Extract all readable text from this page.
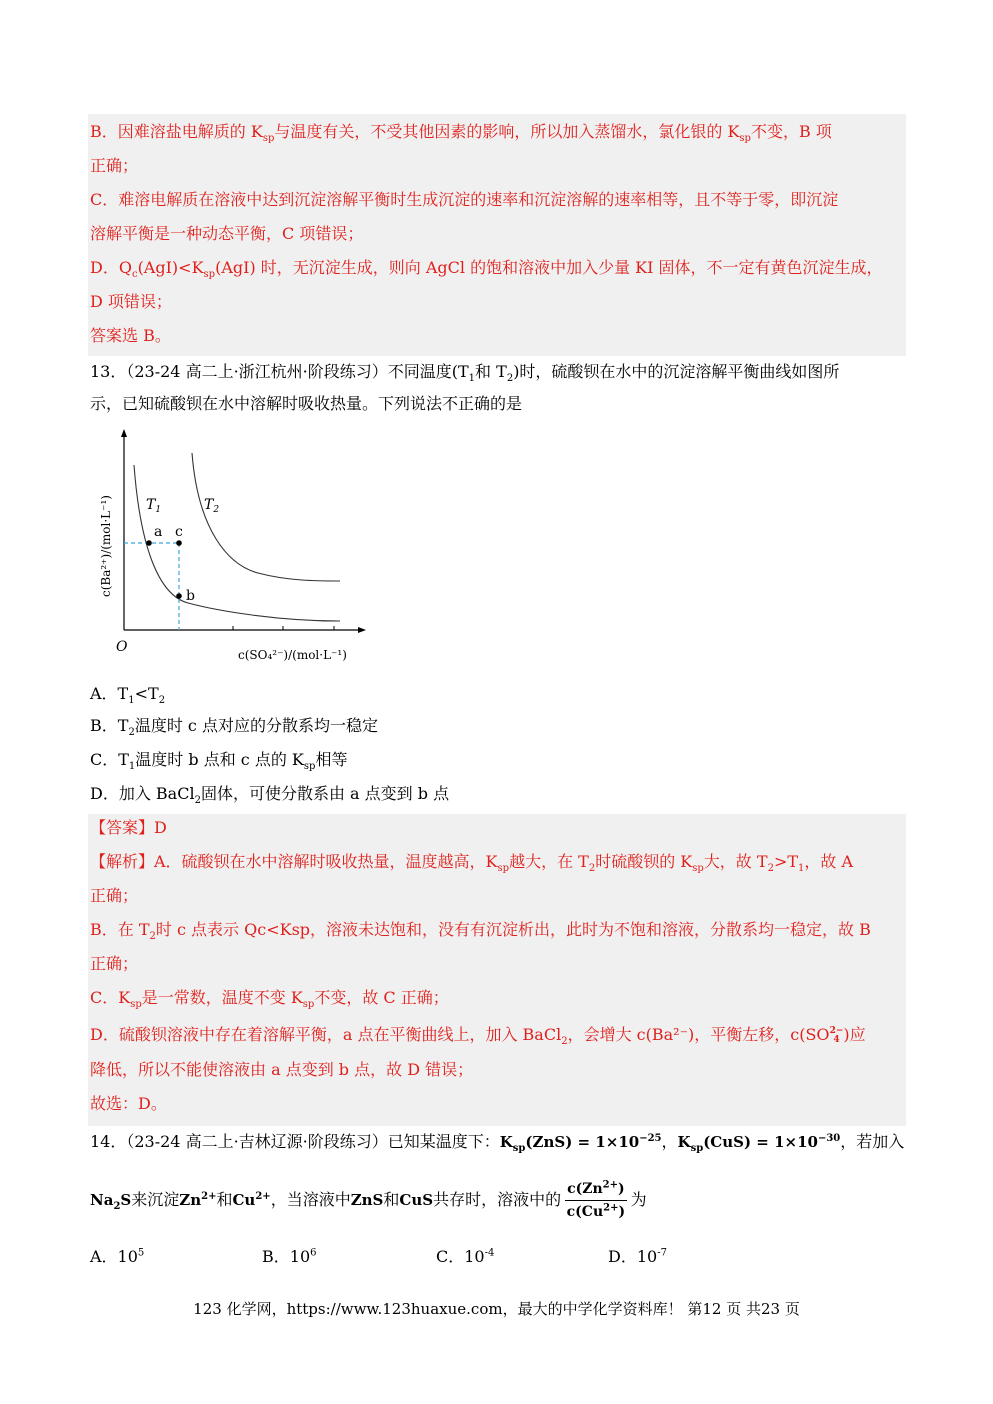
B．因难溶盐电解质的 $K_{sp}$与温度有关，不受其他因素的影响，所以加入蒸馏水，氯化银的 $K_{sp}$不变，B 项
正确；
C．难溶电解质在溶液中达到沉淀溶解平衡时生成沉淀的速率和沉淀溶解的速率相等，且不等于零，即沉淀
溶解平衡是一种动态平衡，C 项错误；
D．$Q_c(AgI)<K_{sp}(AgI)$ 时，无沉淀生成，则向 AgCl 的饱和溶液中加入少量 KI 固体，不一定有黄色沉淀生成，
D 项错误；
答案选 B。
13．（23-24 高二上·浙江杭州·阶段练习）不同温度($T_1$和 $T_2$)时，硫酸钡在水中的沉淀溶解平衡曲线如图所
示，已知硫酸钡在水中溶解时吸收热量。下列说法不正确的是
a c
b
$T_1$	$T_2$
O	c(SO₄²⁻)/(mol·L⁻¹)
c(Ba²⁺)/(mol·L⁻¹)
A．$T_1<T_2$
B．$T_2$温度时 c 点对应的分散系均一稳定
C．$T_1$温度时 b 点和 c 点的 $K_{sp}$相等
D．加入 BaCl$_2$固体，可使分散系由 a 点变到 b 点
【答案】D
【解析】A．硫酸钡在水中溶解时吸收热量，温度越高，$K_{sp}$越大，在 $T_2$时硫酸钡的 $K_{sp}$大，故 $T_2>T_1$，故 A
正确；
B．在 $T_2$时 c 点表示 Qc<Ksp，溶液未达饱和，没有有沉淀析出，此时为不饱和溶液，分散系均一稳定，故 B
正确；
C．$K_{sp}$是一常数，温度不变 $K_{sp}$不变，故 C 正确；
D．硫酸钡溶液中存在着溶解平衡，a 点在平衡曲线上，加入 BaCl$_2$，会增大 c(Ba²⁻)，平衡左移，c(SO 2−
4 )应
降低，所以不能使溶液由 a 点变到 b 点，故 D 错误；
故选：D。
14．（23-24 高二上·吉林辽源·阶段练习）已知某温度下：$K_{sp}(ZnS) = 1\times 10^{-25}$，$K_{sp}(CuS) = 1\times 10^{-30}$，若加入
$Na_2S$来沉淀$Zn^{2+}$和$Cu^{2+}$，当溶液中ZnS和CuS共存时，溶液中的 $\frac{c(Zn^{2+})}{c(Cu^{2+})}$ 为
A．$10^5$	B．$10^6$	C．$10^{-4}$	D．$10^{-7}$
123 化学网，https://www.123huaxue.com，最大的中学化学资料库！ 第12 页 共23 页
